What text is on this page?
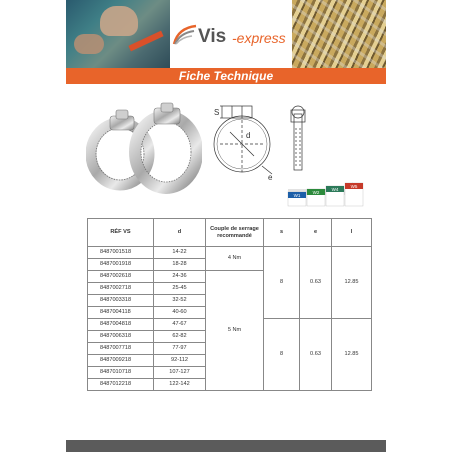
Vis -express
Fiche Technique
S
d
e
W1
W2
W4
W5
RÉF VS	d	Couple de serrage recommandé	s	e	l
8487001518	14-22	4 Nm	8	0.63	12.85
8487001918	18-28				
8487002618	24-36	5 Nm			
8487002718	25-45				
8487003318	32-52				
8487004118	40-60				
8487004818	47-67		8	0.63	12.85
8487006318	62-82				
8487007718	77-97				
8487009218	92-112				
8487010718	107-127				
8487012218	122-142				
